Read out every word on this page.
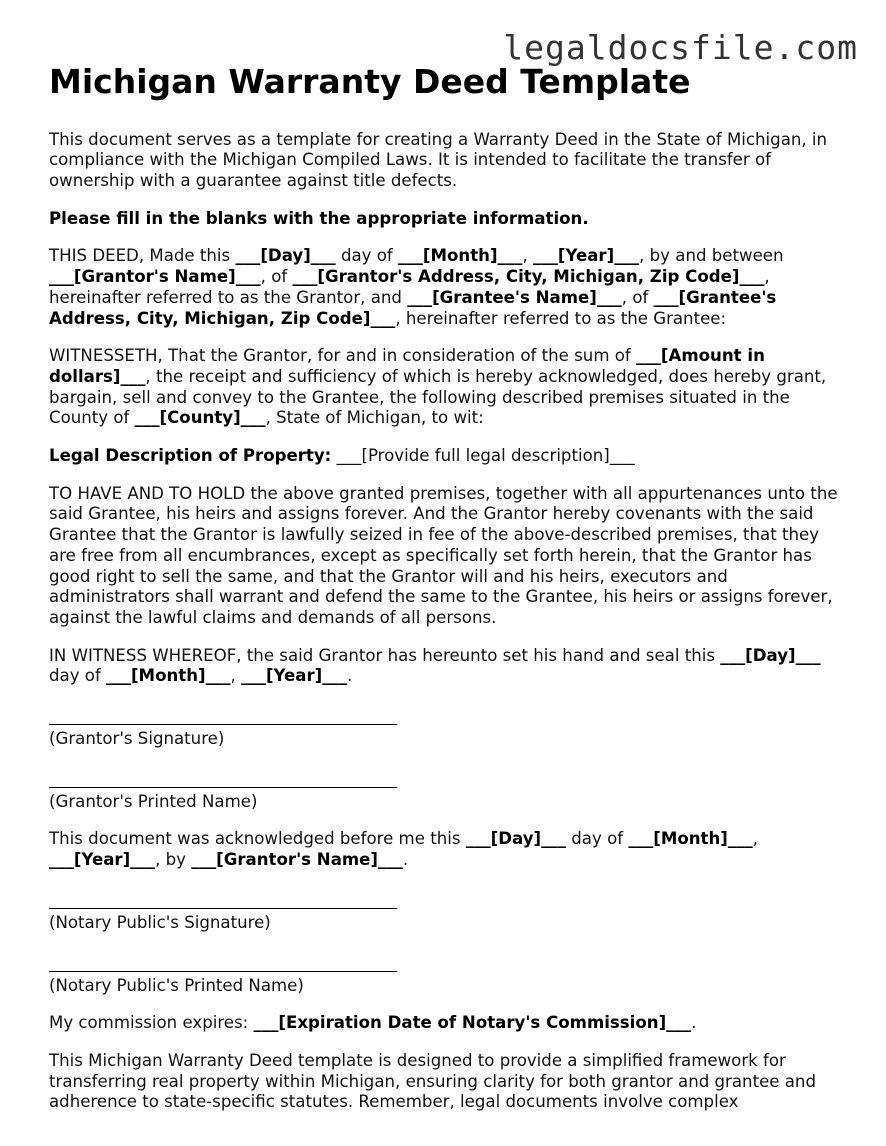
legaldocsfile.com
Michigan Warranty Deed Template

This document serves as a template for creating a Warranty Deed in the State of Michigan, in compliance with the Michigan Compiled Laws. It is intended to facilitate the transfer of ownership with a guarantee against title defects.

Please fill in the blanks with the appropriate information.

THIS DEED, Made this ___[Day]___ day of ___[Month]___, ___[Year]___, by and between ___[Grantor's Name]___, of ___[Grantor's Address, City, Michigan, Zip Code]___, hereinafter referred to as the Grantor, and ___[Grantee's Name]___, of ___[Grantee's Address, City, Michigan, Zip Code]___, hereinafter referred to as the Grantee:

WITNESSETH, That the Grantor, for and in consideration of the sum of ___[Amount in dollars]___, the receipt and sufficiency of which is hereby acknowledged, does hereby grant, bargain, sell and convey to the Grantee, the following described premises situated in the County of ___[County]___, State of Michigan, to wit:

Legal Description of Property: ___[Provide full legal description]___

TO HAVE AND TO HOLD the above granted premises, together with all appurtenances unto the said Grantee, his heirs and assigns forever. And the Grantor hereby covenants with the said Grantee that the Grantor is lawfully seized in fee of the above-described premises, that they are free from all encumbrances, except as specifically set forth herein, that the Grantor has good right to sell the same, and that the Grantor will and his heirs, executors and administrators shall warrant and defend the same to the Grantee, his heirs or assigns forever, against the lawful claims and demands of all persons.

IN WITNESS WHEREOF, the said Grantor has hereunto set his hand and seal this ___[Day]___ day of ___[Month]___, ___[Year]___.

(Grantor's Signature)
(Grantor's Printed Name)

This document was acknowledged before me this ___[Day]___ day of ___[Month]___, ___[Year]___, by ___[Grantor's Name]___.

(Notary Public's Signature)
(Notary Public's Printed Name)

My commission expires: ___[Expiration Date of Notary's Commission]___.

This Michigan Warranty Deed template is designed to provide a simplified framework for transferring real property within Michigan, ensuring clarity for both grantor and grantee and adherence to state-specific statutes. Remember, legal documents involve complex
